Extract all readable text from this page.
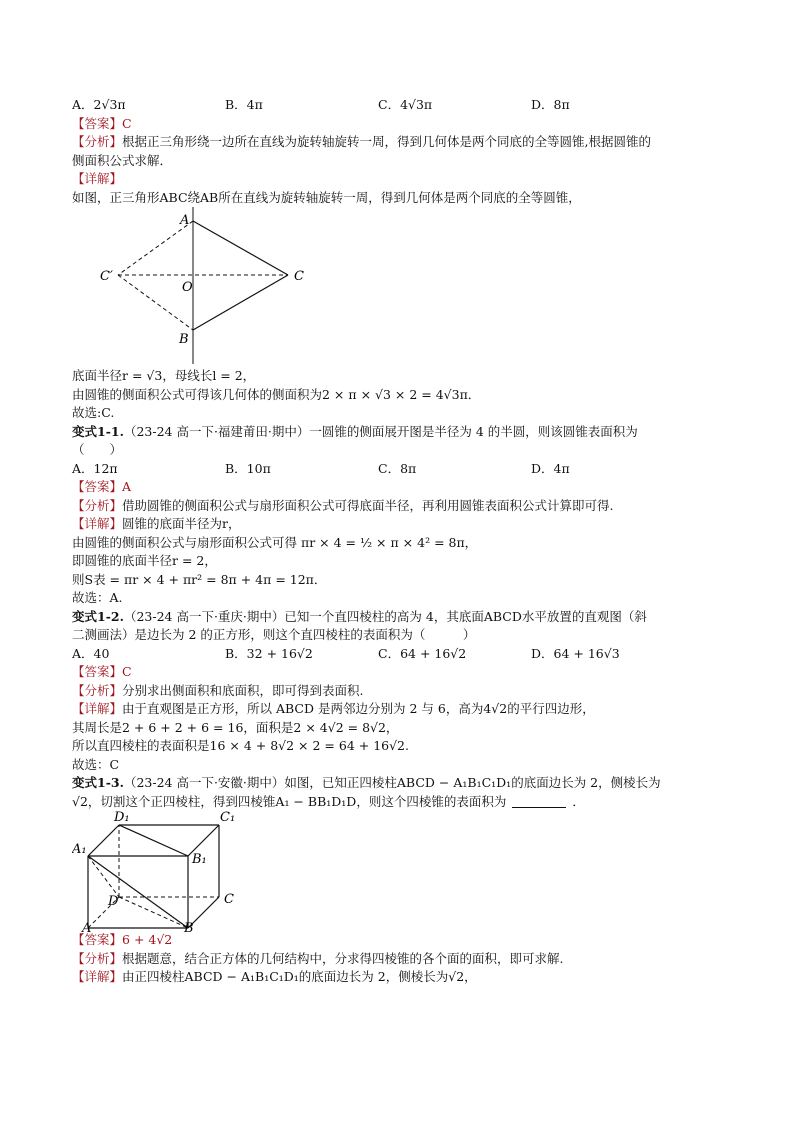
A．2√3π	B．4π	C．4√3π	D．8π
【答案】C
【分析】根据正三角形绕一边所在直线为旋转轴旋转一周，得到几何体是两个同底的全等圆锥,根据圆锥的
侧面积公式求解．
【详解】
如图，正三角形ABC绕AB所在直线为旋转轴旋转一周，得到几何体是两个同底的全等圆锥，
A
O
C
C′
B
底面半径r = √3，母线长l = 2，
由圆锥的侧面积公式可得该几何体的侧面积为2 × π × √3 × 2 = 4√3π．
故选:C.
变式1-1.（23-24 高一下·福建莆田·期中）一圆锥的侧面展开图是半径为 4 的半圆，则该圆锥表面积为
（　　）
A．12π	B．10π	C．8π	D．4π
【答案】A
【分析】借助圆锥的侧面积公式与扇形面积公式可得底面半径，再利用圆锥表面积公式计算即可得.
【详解】圆锥的底面半径为r，
由圆锥的侧面积公式与扇形面积公式可得 πr × 4 = ½ × π × 4² = 8π，
即圆锥的底面半径r = 2，
则S表 = πr × 4 + πr² = 8π + 4π = 12π．
故选：A.
变式1-2.（23-24 高一下·重庆·期中）已知一个直四棱柱的高为 4，其底面ABCD水平放置的直观图（斜
二测画法）是边长为 2 的正方形，则这个直四棱柱的表面积为（　　　）
A．40	B．32 + 16√2	C．64 + 16√2	D．64 + 16√3
【答案】C
【分析】分别求出侧面积和底面积，即可得到表面积.
【详解】由于直观图是正方形，所以 ABCD 是两邻边分别为 2 与 6，高为4√2的平行四边形，
其周长是2 + 6 + 2 + 6 = 16，面积是2 × 4√2 = 8√2，
所以直四棱柱的表面积是16 × 4 + 8√2 × 2 = 64 + 16√2.
故选：C
变式1-3.（23-24 高一下·安徽·期中）如图，已知正四棱柱ABCD − A₁B₁C₁D₁的底面边长为 2，侧棱长为
√2，切割这个正四棱柱，得到四棱锥A₁ − BB₁D₁D，则这个四棱锥的表面积为	．
D₁	C₁
A₁
B₁
D	C
A	B
【答案】6 + 4√2
【分析】根据题意，结合正方体的几何结构中，分求得四棱锥的各个面的面积，即可求解.
【详解】由正四棱柱ABCD − A₁B₁C₁D₁的底面边长为 2，侧棱长为√2，
